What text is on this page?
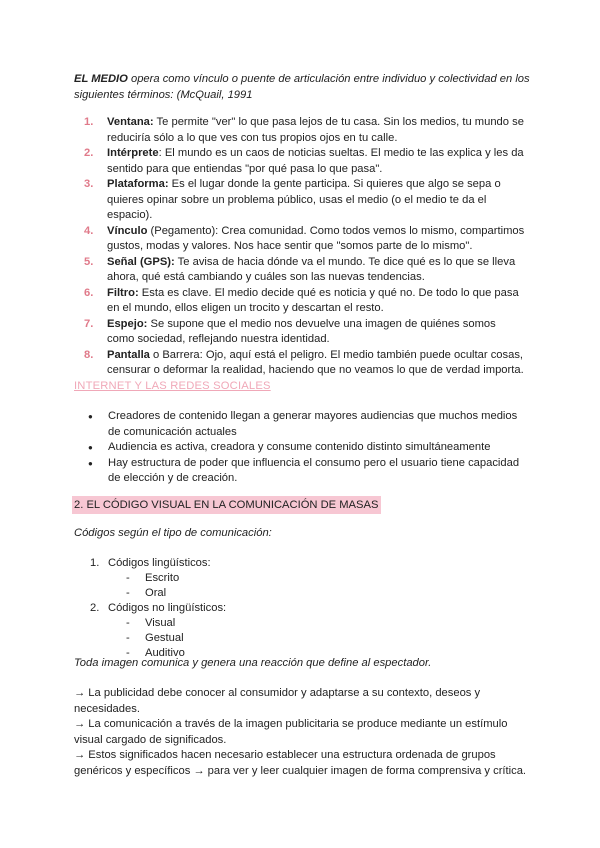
EL MEDIO opera como vínculo o puente de articulación entre individuo y colectividad en los siguientes términos: (McQuail, 1991

1. Ventana: Te permite "ver" lo que pasa lejos de tu casa. Sin los medios, tu mundo se reduciría sólo a lo que ves con tus propios ojos en tu calle.
2. Intérprete: El mundo es un caos de noticias sueltas. El medio te las explica y les da sentido para que entiendas "por qué pasa lo que pasa".
3. Plataforma: Es el lugar donde la gente participa. Si quieres que algo se sepa o quieres opinar sobre un problema público, usas el medio (o el medio te da el espacio).
4. Vínculo (Pegamento): Crea comunidad. Como todos vemos lo mismo, compartimos gustos, modas y valores. Nos hace sentir que "somos parte de lo mismo".
5. Señal (GPS): Te avisa de hacia dónde va el mundo. Te dice qué es lo que se lleva ahora, qué está cambiando y cuáles son las nuevas tendencias.
6. Filtro: Esta es clave. El medio decide qué es noticia y qué no. De todo lo que pasa en el mundo, ellos eligen un trocito y descartan el resto.
7. Espejo: Se supone que el medio nos devuelve una imagen de quiénes somos como sociedad, reflejando nuestra identidad.
8. Pantalla o Barrera: Ojo, aquí está el peligro. El medio también puede ocultar cosas, censurar o deformar la realidad, haciendo que no veamos lo que de verdad importa.
INTERNET Y LAS REDES SOCIALES
● Creadores de contenido llegan a generar mayores audiencias que muchos medios de comunicación actuales
● Audiencia es activa, creadora y consume contenido distinto simultáneamente
● Hay estructura de poder que influencia el consumo pero el usuario tiene capacidad de elección y de creación.
2. EL CÓDIGO VISUAL EN LA COMUNICACIÓN DE MASAS
Códigos según el tipo de comunicación:
1. Códigos lingüísticos:
- Escrito
- Oral
2. Códigos no lingüísticos:
- Visual
- Gestual
- Auditivo
Toda imagen comunica y genera una reacción que define al espectador.

→ La publicidad debe conocer al consumidor y adaptarse a su contexto, deseos y necesidades.

→ La comunicación a través de la imagen publicitaria se produce mediante un estímulo visual cargado de significados.

→ Estos significados hacen necesario establecer una estructura ordenada de grupos genéricos y específicos → para ver y leer cualquier imagen de forma comprensiva y crítica.
